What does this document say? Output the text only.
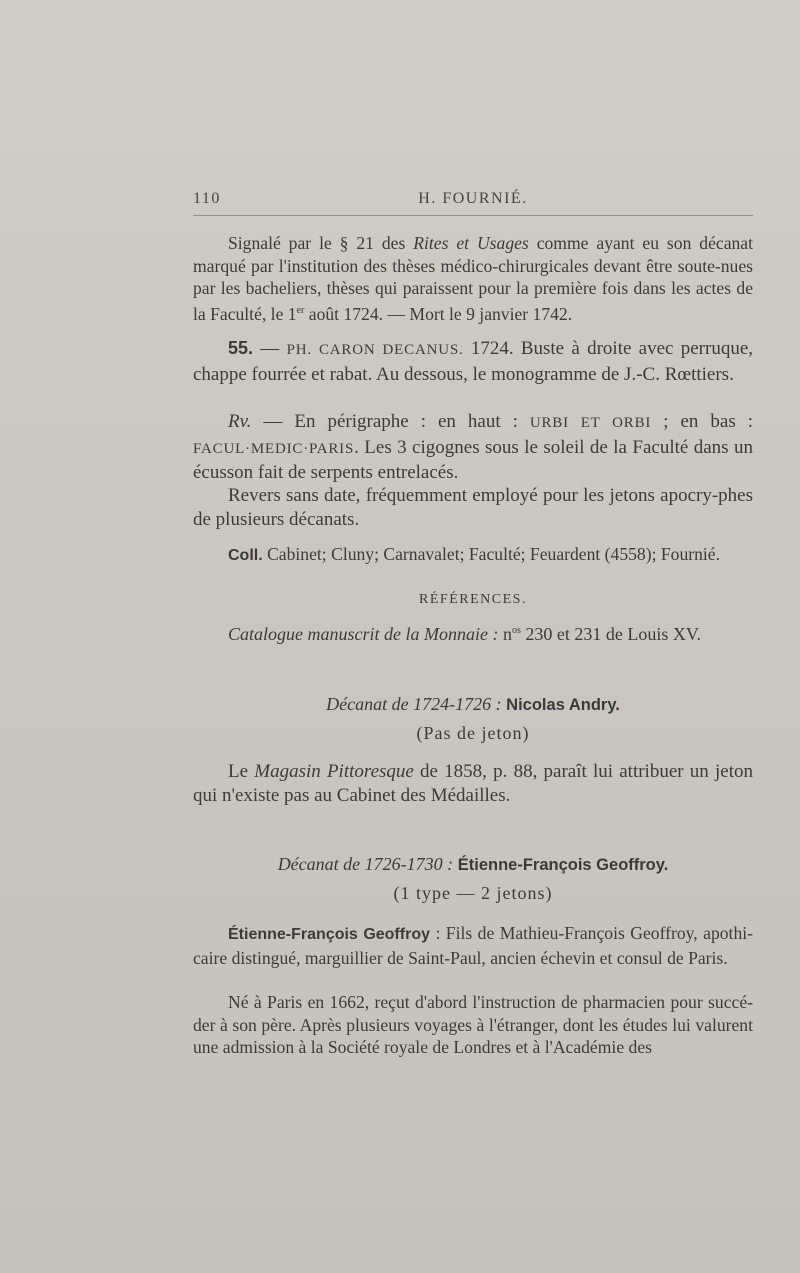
110	H. FOURNIÉ.
Signalé par le § 21 des Rites et Usages comme ayant eu son décanat marqué par l'institution des thèses médico-chirurgicales devant être soute-nues par les bacheliers, thèses qui paraissent pour la première fois dans les actes de la Faculté, le 1er août 1724. — Mort le 9 janvier 1742.
55. — PH. CARON DECANUS. 1724. Buste à droite avec perruque, chappe fourrée et rabat. Au dessous, le monogramme de J.-C. Rœttiers.
Rv. — En périgraphe : en haut : URBI ET ORBI ; en bas : FACUL·MEDIC·PARIS. Les 3 cigognes sous le soleil de la Faculté dans un écusson fait de serpents entrelacés.
Revers sans date, fréquemment employé pour les jetons apocry-phes de plusieurs décanats.
Coll. Cabinet; Cluny; Carnavalet; Faculté; Feuardent (4558); Fournié.
RÉFÉRENCES.
Catalogue manuscrit de la Monnaie : $n^{os}$ 230 et 231 de Louis XV.
Décanat de 1724-1726 : Nicolas Andry.
(Pas de jeton)
Le Magasin Pittoresque de 1858, p. 88, paraît lui attribuer un jeton qui n'existe pas au Cabinet des Médailles.
Décanat de 1726-1730 : Étienne-François Geoffroy.
(1 type — 2 jetons)
Étienne-François Geoffroy : Fils de Mathieu-François Geoffroy, apothi-caire distingué, marguillier de Saint-Paul, ancien échevin et consul de Paris.
Né à Paris en 1662, reçut d'abord l'instruction de pharmacien pour succé-der à son père. Après plusieurs voyages à l'étranger, dont les études lui valurent une admission à la Société royale de Londres et à l'Académie des
